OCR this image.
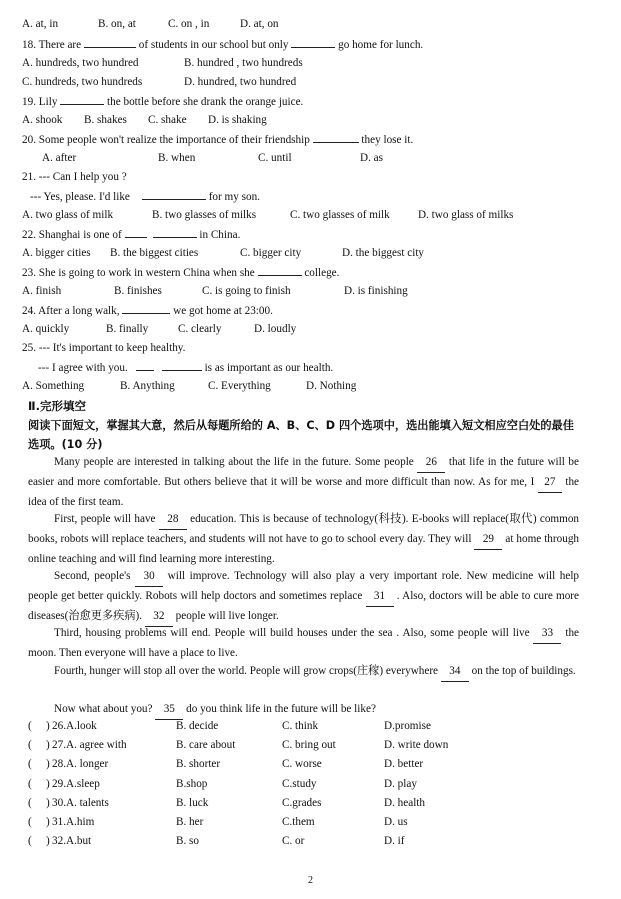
A. at, in	B. on, at	C. on , in	D. at, on
18. There are	of students in our school but only	go home for lunch.
A. hundreds, two hundred	B. hundred , two hundreds
C. hundreds, two hundreds	D. hundred, two hundred
19. Lily	the bottle before she drank the orange juice.
A. shook B. shakes C. shake D. is shaking
20. Some people won't realize the importance of their friendship	they lose it.
A. after	B. when	C. until	D. as
21. --- Can I help you ?
--- Yes, please. I'd like	for my son.
A. two glass of milk	B. two glasses of milks	C. two glasses of milk	D. two glass of milks
22. Shanghai is one of	in China.
A. bigger cities B. the biggest cities	C. bigger city	D. the biggest city
23. She is going to work in western China when she	college.
A. finish	B. finishes	C. is going to finish	D. is finishing
24. After a long walk,	we got home at 23:00.
A. quickly	B. finally	C. clearly	D. loudly
25. --- It's important to keep healthy.
--- I agree with you.	is as important as our health.
A. Something	B. Anything	C. Everything	D. Nothing
Ⅱ.完形填空
阅读下面短文，掌握其大意，然后从每题所给的 A、B、C、D 四个选项中，选出能填入短文相应空白处的最佳选项。(10 分)
Many people are interested in talking about the life in the future. Some people 26 that life in the future will be easier and more comfortable. But others believe that it will be worse and more difficult than now. As for me, I 27 the idea of the first team.
First, people will have 28 education. This is because of technology(科技). E-books will replace(取代) common books, robots will replace teachers, and students will not have to go to school every day. They will 29 at home through online teaching and will find learning more interesting.
Second, people's 30 will improve. Technology will also play a very important role. New medicine will help people get better quickly. Robots will help doctors and sometimes replace 31 . Also, doctors will be able to cure more diseases(治愈更多疾病). 32 people will live longer.
Third, housing problems will end. People will build houses under the sea . Also, some people will live 33 the moon. Then everyone will have a place to live.
Fourth, hunger will stop all over the world. People will grow crops(庄稼) everywhere 34 on the top of buildings.
Now what about you? 35 do you think life in the future will be like?
( ) 26.A.look	B. decide	C. think	D.promise
( ) 27.A. agree with	B. care about	C. bring out	D. write down
( ) 28.A. longer	B. shorter	C. worse	D. better
( ) 29.A.sleep	B.shop	C.study	D. play
( ) 30.A. talents	B. luck	C.grades	D. health
( ) 31.A.him	B. her	C.them	D. us
( ) 32.A.but	B. so	C. or	D. if
2
